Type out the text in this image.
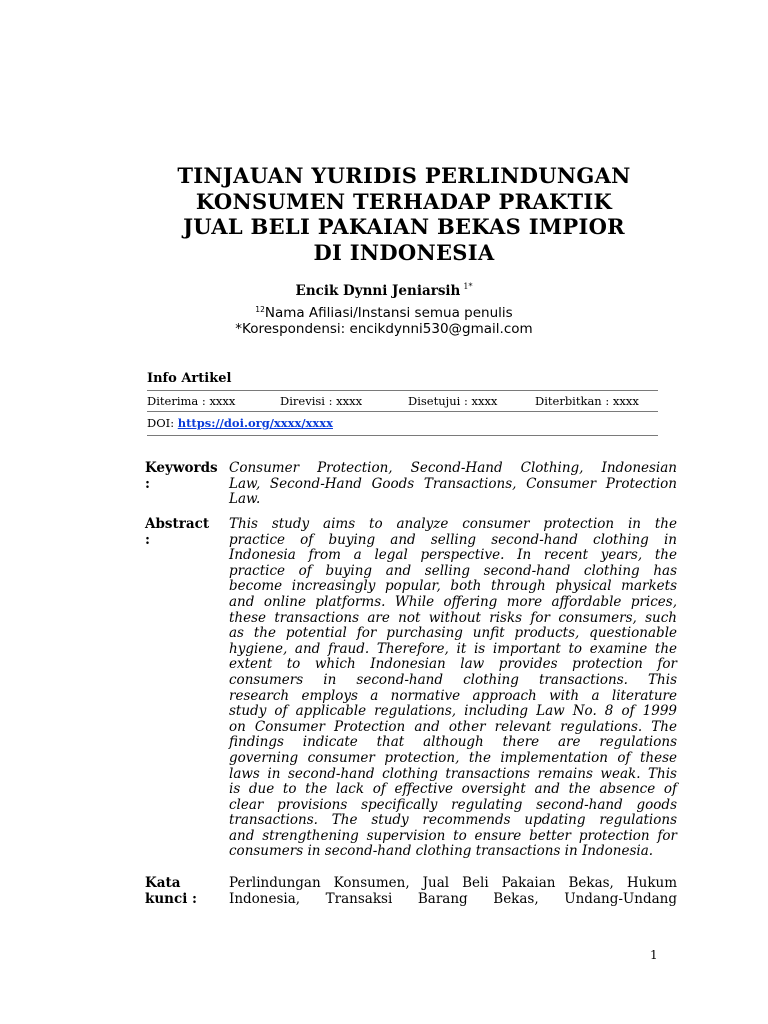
TINJAUAN YURIDIS PERLINDUNGAN
KONSUMEN TERHADAP PRAKTIK
JUAL BELI PAKAIAN BEKAS IMPIOR
DI INDONESIA
Encik Dynni Jeniarsih $^{1*}$
$^{12}$Nama Afiliasi/Instansi semua penulis
*Korespondensi: encikdynni530@gmail.com
Info Artikel
Diterima : xxxx	Direvisi : xxxx	Disetujui : xxxx	Diterbitkan : xxxx
DOI: https://doi.org/xxxx/xxxx
Keywords
:
Consumer Protection, Second-Hand Clothing, Indonesian
Law, Second-Hand Goods Transactions, Consumer Protection
Law.
Abstract
:
This study aims to analyze consumer protection in the
practice of buying and selling second-hand clothing in
Indonesia from a legal perspective. In recent years, the
practice of buying and selling second-hand clothing has
become increasingly popular, both through physical markets
and online platforms. While offering more affordable prices,
these transactions are not without risks for consumers, such
as the potential for purchasing unfit products, questionable
hygiene, and fraud. Therefore, it is important to examine the
extent to which Indonesian law provides protection for
consumers in second-hand clothing transactions. This
research employs a normative approach with a literature
study of applicable regulations, including Law No. 8 of 1999
on Consumer Protection and other relevant regulations. The
findings indicate that although there are regulations
governing consumer protection, the implementation of these
laws in second-hand clothing transactions remains weak. This
is due to the lack of effective oversight and the absence of
clear provisions specifically regulating second-hand goods
transactions. The study recommends updating regulations
and strengthening supervision to ensure better protection for
consumers in second-hand clothing transactions in Indonesia.
Kata
kunci :
Perlindungan Konsumen, Jual Beli Pakaian Bekas, Hukum
Indonesia, Transaksi Barang Bekas, Undang-Undang
1
